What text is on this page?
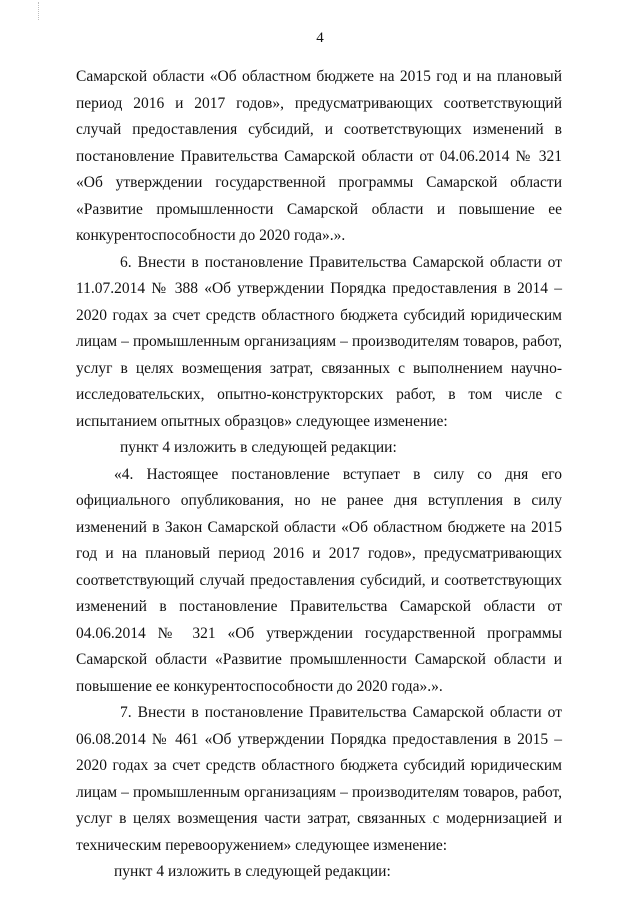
4

Самарской области «Об областном бюджете на 2015 год и на плановый период 2016 и 2017 годов», предусматривающих соответствующий случай предоставления субсидий, и соответствующих изменений в постановление Правительства Самарской области от 04.06.2014 № 321 «Об утверждении государственной программы Самарской области «Развитие промышленности Самарской области и повышение ее конкурентоспособности до 2020 года».».

6. Внести в постановление Правительства Самарской области от 11.07.2014 № 388 «Об утверждении Порядка предоставления в 2014 – 2020 годах за счет средств областного бюджета субсидий юридическим лицам – промышленным организациям – производителям товаров, работ, услуг в целях возмещения затрат, связанных с выполнением научно-исследовательских, опытно-конструкторских работ, в том числе с испытанием опытных образцов» следующее изменение:

пункт 4 изложить в следующей редакции:

«4. Настоящее постановление вступает в силу со дня его официального опубликования, но не ранее дня вступления в силу изменений в Закон Самарской области «Об областном бюджете на 2015 год и на плановый период 2016 и 2017 годов», предусматривающих соответствующий случай предоставления субсидий, и соответствующих изменений в постановление Правительства Самарской области от 04.06.2014 № 321 «Об утверждении государственной программы Самарской области «Развитие промышленности Самарской области и повышение ее конкурентоспособности до 2020 года».».

7. Внести в постановление Правительства Самарской области от 06.08.2014 № 461 «Об утверждении Порядка предоставления в 2015 – 2020 годах за счет средств областного бюджета субсидий юридическим лицам – промышленным организациям – производителям товаров, работ, услуг в целях возмещения части затрат, связанных с модернизацией и техническим перевооружением» следующее изменение:

пункт 4 изложить в следующей редакции:
